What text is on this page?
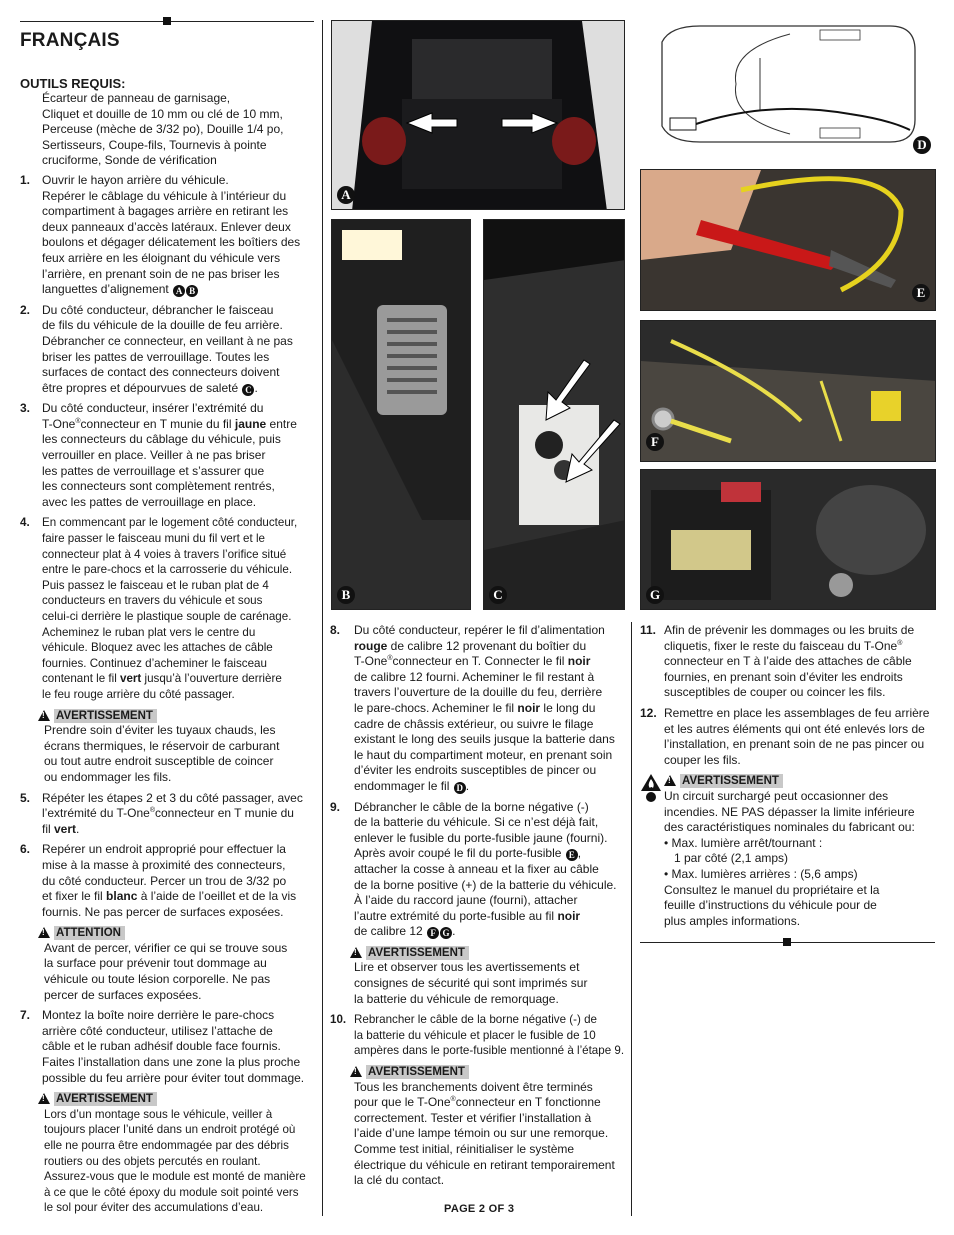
FRANÇAIS
OUTILS REQUIS:
Écarteur de panneau de garnisage,
Cliquet et douille de 10 mm ou clé de 10 mm,
Perceuse (mèche de 3/32 po), Douille 1/4 po,
Sertisseurs, Coupe-fils, Tournevis à pointe
cruciforme, Sonde de vérification

1. Ouvrir le hayon arrière du véhicule.
Repérer le câblage du véhicule à l’intérieur du
compartiment à bagages arrière en retirant les
deux panneaux d’accès latéraux. Enlever deux
boulons et dégager délicatement les boîtiers des
feux arrière en les éloignant du véhicule vers
l’arrière, en prenant soin de ne pas briser les
languettes d’alignement A B

2. Du côté conducteur, débrancher le faisceau
de fils du véhicule de la douille de feu arrière.
Débrancher ce connecteur, en veillant à ne pas
briser les pattes de verrouillage. Toutes les
surfaces de contact des connecteurs doivent
être propres et dépourvues de saleté C .

3. Du côté conducteur, insérer l’extrémité du
T-One®connecteur en T munie du fil jaune entre
les connecteurs du câblage du véhicule, puis
verrouiller en place. Veiller à ne pas briser
les pattes de verrouillage et s’assurer que
les connecteurs sont complètement rentrés,
avec les pattes de verrouillage en place.

4. En commencant par le logement côté conducteur,
faire passer le faisceau muni du fil vert et le
connecteur plat à 4 voies à travers l’orifice situé
entre le pare-chocs et la carrosserie du véhicule.
Puis passez le faisceau et le ruban plat de 4
conducteurs en travers du véhicule et sous
celui-ci derrière le plastique souple de carénage.
Acheminez le ruban plat vers le centre du
véhicule. Bloquez avec les attaches de câble
fournies. Continuez d’acheminer le faisceau
contenant le fil vert jusqu’à l’ouverture derrière
le feu rouge arrière du côté passager.

!AVERTISSEMENT
Prendre soin d’éviter les tuyaux chauds, les
écrans thermiques, le réservoir de carburant
ou tout autre endroit susceptible de coincer
ou endommager les fils.

5. Répéter les étapes 2 et 3 du côté passager, avec
l’extrémité du T-One®connecteur en T munie du
fil vert.

6. Repérer un endroit approprié pour effectuer la
mise à la masse à proximité des connecteurs,
du côté conducteur. Percer un trou de 3/32 po
et fixer le fil blanc à l’aide de l’oeillet et de la vis
fournis. Ne pas percer de surfaces exposées.

!ATTENTION
Avant de percer, vérifier ce qui se trouve sous
la surface pour prévenir tout dommage au
véhicule ou toute lésion corporelle. Ne pas
percer de surfaces exposées.

7. Montez la boîte noire derrière le pare-chocs
arrière côté conducteur, utilisez l’attache de
câble et le ruban adhésif double face fournis.
Faites l’installation dans une zone la plus proche
possible du feu arrière pour éviter tout dommage.

!AVERTISSEMENT
Lors d’un montage sous le véhicule, veiller à
toujours placer l’unité dans un endroit protégé où
elle ne pourra être endommagée par des débris
routiers ou des objets percutés en roulant.
Assurez-vous que le module est monté de manière
à ce que le côté époxy du module soit pointé vers
le sol pour éviter des accumulations d’eau.
A
B	C
D
E
F
G

8. Du côté conducteur, repérer le fil d’alimentation
rouge de calibre 12 provenant du boîtier du
T-One®connecteur en T. Connecter le fil noir
de calibre 12 fourni. Acheminer le fil restant à
travers l’ouverture de la douille du feu, derrière
le pare-chocs. Acheminer le fil noir le long du
cadre de châssis extérieur, ou suivre le filage
existant le long des seuils jusque la batterie dans
le haut du compartiment moteur, en prenant soin
d’éviter les endroits susceptibles de pincer ou
endommager le fil D .

9. Débrancher le câble de la borne négative (-)
de la batterie du véhicule. Si ce n’est déjà fait,
enlever le fusible du porte-fusible jaune (fourni).
Après avoir coupé le fil du porte-fusible E ,
attacher la cosse à anneau et la fixer au câble
de la borne positive (+) de la batterie du véhicule.
À l’aide du raccord jaune (fourni), attacher
l’autre extrémité du porte-fusible au fil noir
de calibre 12 F G .

!AVERTISSEMENT
Lire et observer tous les avertissements et
consignes de sécurité qui sont imprimés sur
la batterie du véhicule de remorquage.

10. Rebrancher le câble de la borne négative (-) de
la batterie du véhicule et placer le fusible de 10
ampères dans le porte-fusible mentionné à l’étape 9.

!AVERTISSEMENT
Tous les branchements doivent être terminés
pour que le T-One®connecteur en T fonctionne
correctement. Tester et vérifier l’installation à
l’aide d’une lampe témoin ou sur une remorque.
Comme test initial, réinitialiser le système
électrique du véhicule en retirant temporairement
la clé du contact.

11. Afin de prévenir les dommages ou les bruits de
cliquetis, fixer le reste du faisceau du T-One®
connecteur en T à l’aide des attaches de câble
fournies, en prenant soin d’éviter les endroits
susceptibles de couper ou coincer les fils.

12. Remettre en place les assemblages de feu arrière
et les autres éléments qui ont été enlevés lors de
l’installation, en prenant soin de ne pas pincer ou
couper les fils.

!AVERTISSEMENT
Un circuit surchargé peut occasionner des
incendies. NE PAS dépasser la limite inférieure
des caractéristiques nominales du fabricant ou:
• Max. lumière arrêt/tournant :
1 par côté (2,1 amps)
• Max. lumières arrières : (5,6 amps)
Consultez le manuel du propriétaire et la
feuille d’instructions du véhicule pour de
plus amples informations.
PAGE 2 OF 3
